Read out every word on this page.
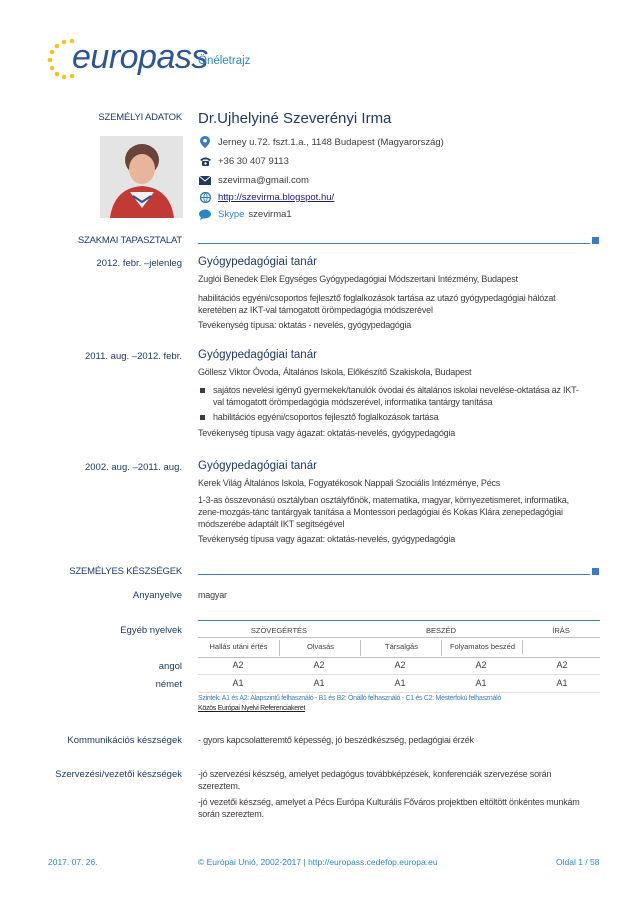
europass
Önéletrajz
SZEMÉLYI ADATOK Dr.Ujhelyiné Szeverényi Irma
Jerney u.72. fszt.1.a., 1148 Budapest (Magyarország)
+36 30 407 9113
szevirma@gmail.com
http://szevirma.blogspot.hu/
Skype szevirma1
SZAKMAI TAPASZTALAT
2012. febr. –jelenleg Gyógypedagógiai tanár
Zuglói Benedek Elek Egységes Gyógypedagógiai Módszertani Intézmény, Budapest
habilitációs egyéni/csoportos fejlesztő foglalkozások tartása az utazó gyógypedagógiai hálózat
keretében az IKT-val támogatott örömpedagógia módszerével
Tevékenység típusa: oktatás - nevelés, gyógypedagógia
2011. aug. –2012. febr. Gyógypedagógiai tanár
Göllesz Viktor Óvoda, Általános Iskola, Előkészítő Szakiskola, Budapest
sajátos nevelési igényű gyermekek/tanulók óvodai és általános iskolai nevelése-oktatása az IKT-
val támogatott örömpedagógia módszerével, informatika tantárgy tanítása
habilitációs egyéni/csoportos fejlesztő foglalkozások tartása
Tevékenység típusa vagy ágazat: oktatás-nevelés, gyógypedagógia
2002. aug. –2011. aug. Gyógypedagógiai tanár
Kerek Világ Általános Iskola, Fogyatékosok Nappali Szociális Intézménye, Pécs
1-3-as összevonású osztályban osztályfőnök, matematika, magyar, környezetismeret, informatika,
zene-mozgás-tánc tantárgyak tanítása a Montessori pedagógiai és Kokas Klára zenepedagógiai
módszerébe adaptált IKT segítségével
Tevékenység típusa vagy ágazat: oktatás-nevelés, gyógypedagógia
SZEMÉLYES KÉSZSÉGEK
Anyanyelve magyar
Egyéb nyelvek	SZÖVEGÉRTÉS	BESZÉD	ÍRÁS
Hallás utáni értés	Olvasás	Társalgás	Folyamatos beszéd
angol	A2	A2	A2	A2	A2
német	A1	A1	A1	A1	A1
Szintek: A1 és A2: Alapszintű felhasználó - B1 és B2: Önálló felhasználó - C1 és C2: Mesterfokú felhasználó
Közös Európai Nyelvi Referenciakeret
Kommunikációs készségek - gyors kapcsolatteremtő képesség, jó beszédkészség, pedagógiai érzék
Szervezési/vezetői készségek -jó szervezési készség, amelyet pedagógus továbbképzések, konferenciák szervezése során
szereztem.
-jó vezetői készség, amelyet a Pécs Európa Kulturális Főváros projektben eltöltött önkéntes munkám
során szereztem.
2017. 07. 26.	© Európai Unió, 2002-2017 | http://europass.cedefop.europa.eu	Oldal 1 / 58
